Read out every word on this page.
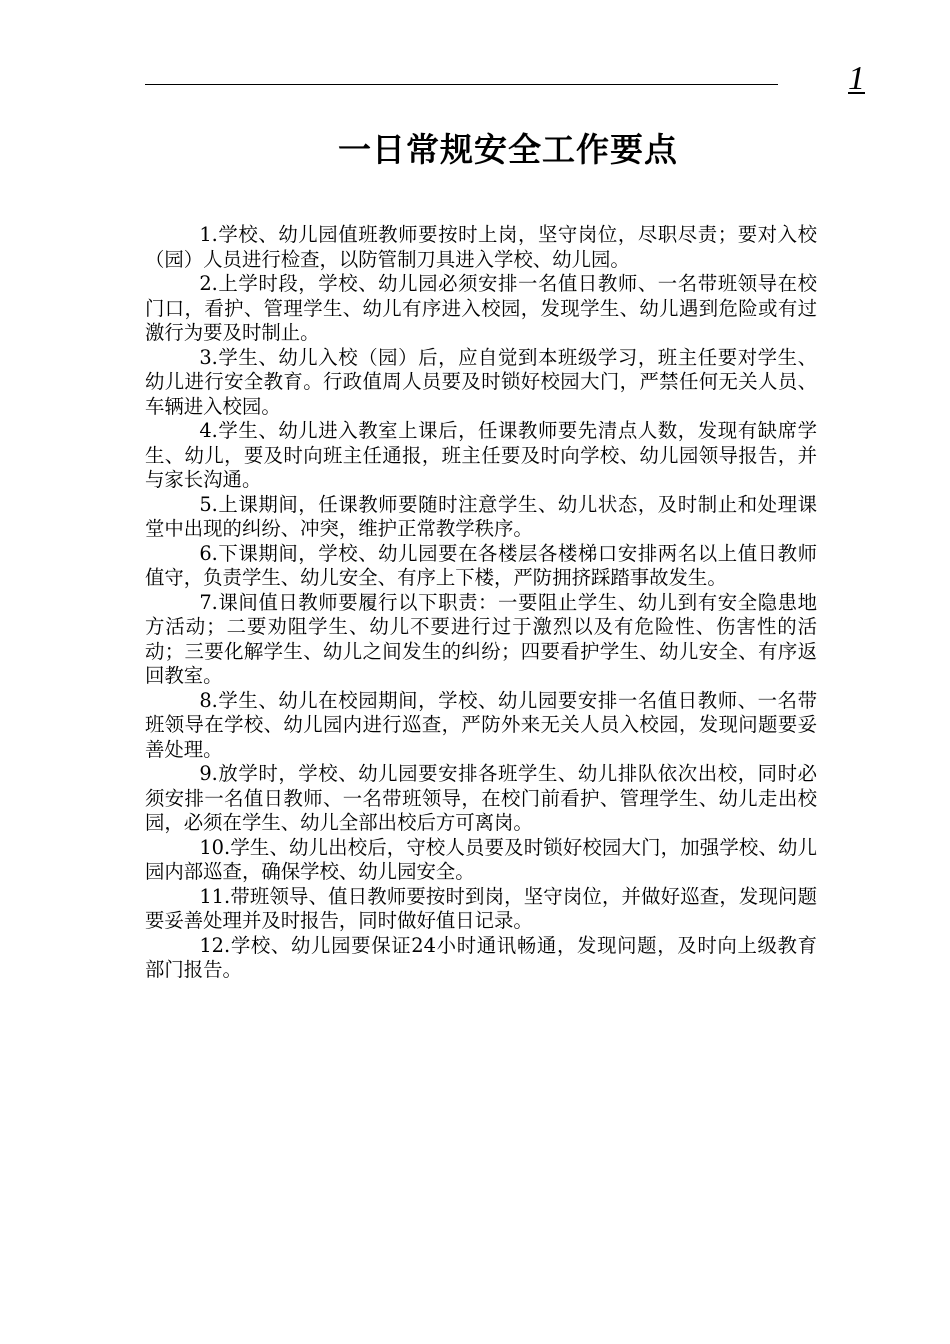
1
一日常规安全工作要点
1.学校、幼儿园值班教师要按时上岗，坚守岗位，尽职尽责；要对入校（园）人员进行检查，以防管制刀具进入学校、幼儿园。
2.上学时段，学校、幼儿园必须安排一名值日教师、一名带班领导在校门口，看护、管理学生、幼儿有序进入校园，发现学生、幼儿遇到危险或有过激行为要及时制止。
3.学生、幼儿入校（园）后，应自觉到本班级学习，班主任要对学生、幼儿进行安全教育。行政值周人员要及时锁好校园大门，严禁任何无关人员、车辆进入校园。
4.学生、幼儿进入教室上课后，任课教师要先清点人数，发现有缺席学生、幼儿，要及时向班主任通报，班主任要及时向学校、幼儿园领导报告，并与家长沟通。
5.上课期间，任课教师要随时注意学生、幼儿状态，及时制止和处理课堂中出现的纠纷、冲突，维护正常教学秩序。
6.下课期间，学校、幼儿园要在各楼层各楼梯口安排两名以上值日教师值守，负责学生、幼儿安全、有序上下楼，严防拥挤踩踏事故发生。
7.课间值日教师要履行以下职责：一要阻止学生、幼儿到有安全隐患地方活动；二要劝阻学生、幼儿不要进行过于激烈以及有危险性、伤害性的活动；三要化解学生、幼儿之间发生的纠纷；四要看护学生、幼儿安全、有序返回教室。
8.学生、幼儿在校园期间，学校、幼儿园要安排一名值日教师、一名带班领导在学校、幼儿园内进行巡查，严防外来无关人员入校园，发现问题要妥善处理。
9.放学时，学校、幼儿园要安排各班学生、幼儿排队依次出校，同时必须安排一名值日教师、一名带班领导，在校门前看护、管理学生、幼儿走出校园，必须在学生、幼儿全部出校后方可离岗。
10.学生、幼儿出校后，守校人员要及时锁好校园大门，加强学校、幼儿园内部巡查，确保学校、幼儿园安全。
11.带班领导、值日教师要按时到岗，坚守岗位，并做好巡查，发现问题要妥善处理并及时报告，同时做好值日记录。
12.学校、幼儿园要保证24小时通讯畅通，发现问题，及时向上级教育部门报告。
